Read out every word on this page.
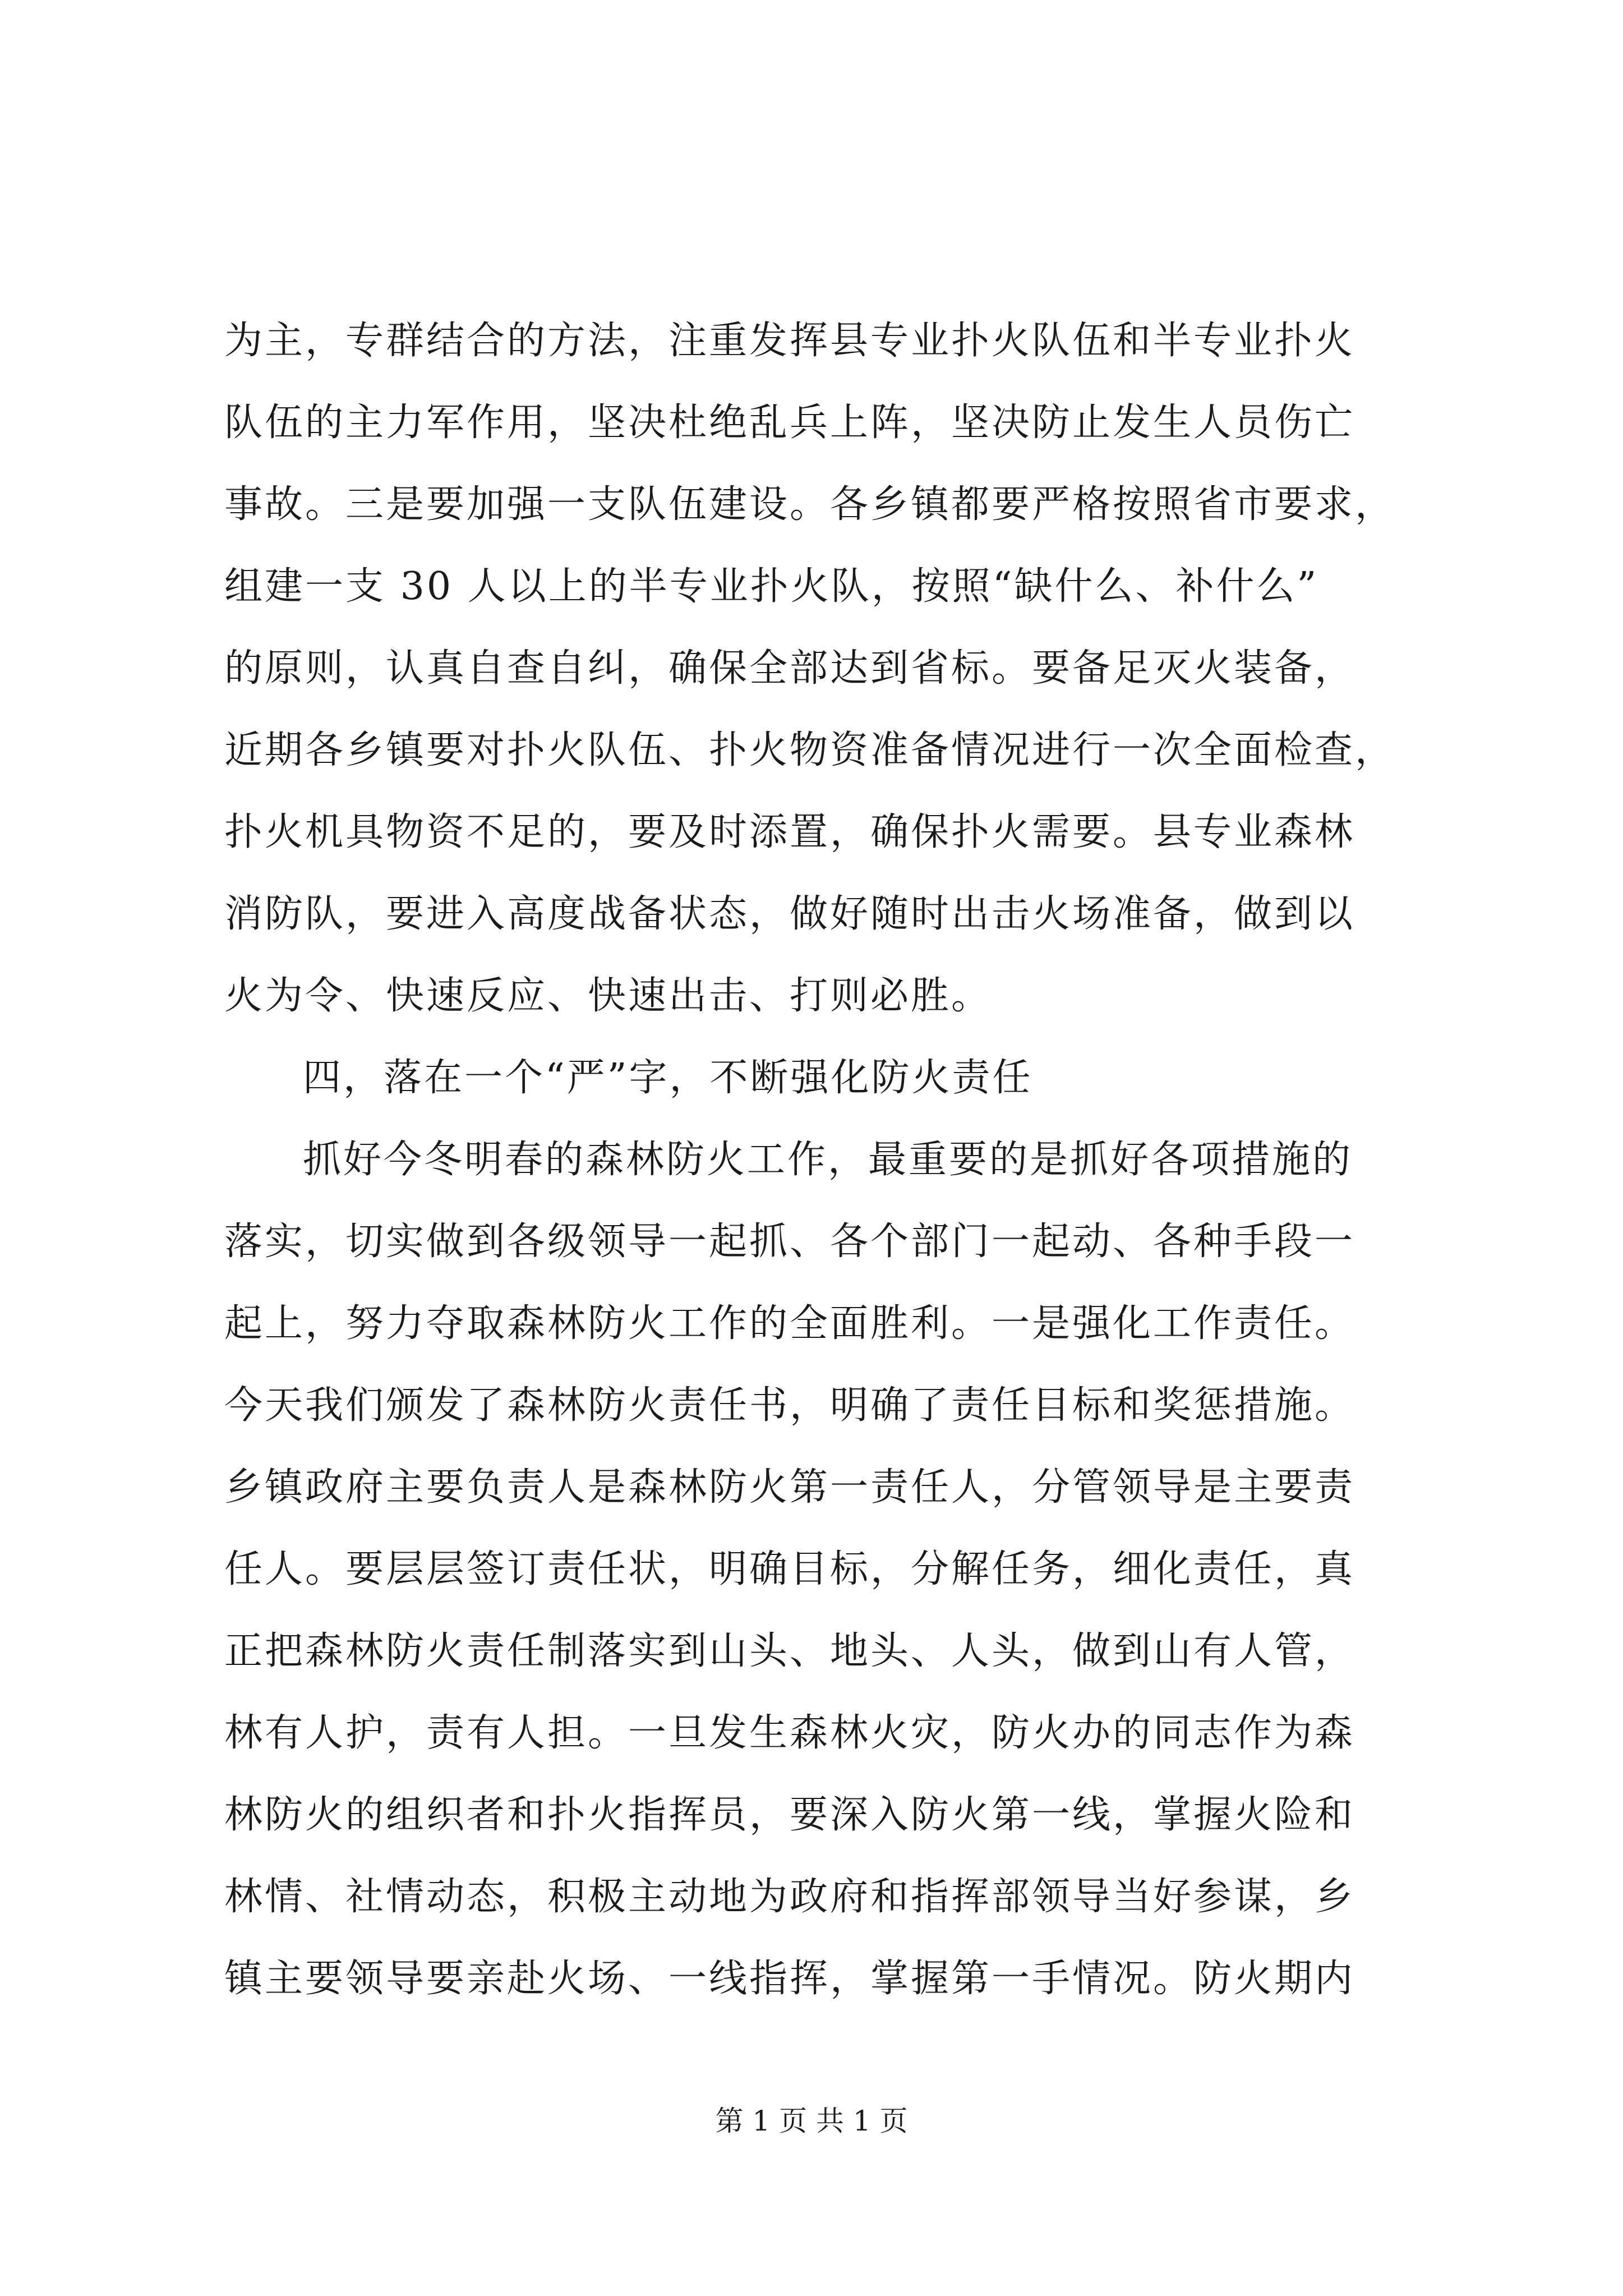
为主，专群结合的方法，注重发挥县专业扑火队伍和半专业扑火
队伍的主力军作用，坚决杜绝乱兵上阵，坚决防止发生人员伤亡
事故。三是要加强一支队伍建设。各乡镇都要严格按照省市要求，
组建一支 30 人以上的半专业扑火队，按照“缺什么、补什么”
的原则，认真自查自纠，确保全部达到省标。要备足灭火装备，
近期各乡镇要对扑火队伍、扑火物资准备情况进行一次全面检查，
扑火机具物资不足的，要及时添置，确保扑火需要。县专业森林
消防队，要进入高度战备状态，做好随时出击火场准备，做到以
火为令、快速反应、快速出击、打则必胜。
四，落在一个“严”字，不断强化防火责任
抓好今冬明春的森林防火工作，最重要的是抓好各项措施的
落实，切实做到各级领导一起抓、各个部门一起动、各种手段一
起上，努力夺取森林防火工作的全面胜利。一是强化工作责任。
今天我们颁发了森林防火责任书，明确了责任目标和奖惩措施。
乡镇政府主要负责人是森林防火第一责任人，分管领导是主要责
任人。要层层签订责任状，明确目标，分解任务，细化责任，真
正把森林防火责任制落实到山头、地头、人头，做到山有人管，
林有人护，责有人担。一旦发生森林火灾，防火办的同志作为森
林防火的组织者和扑火指挥员，要深入防火第一线，掌握火险和
林情、社情动态，积极主动地为政府和指挥部领导当好参谋，乡
镇主要领导要亲赴火场、一线指挥，掌握第一手情况。防火期内
第 1 页 共 1 页
